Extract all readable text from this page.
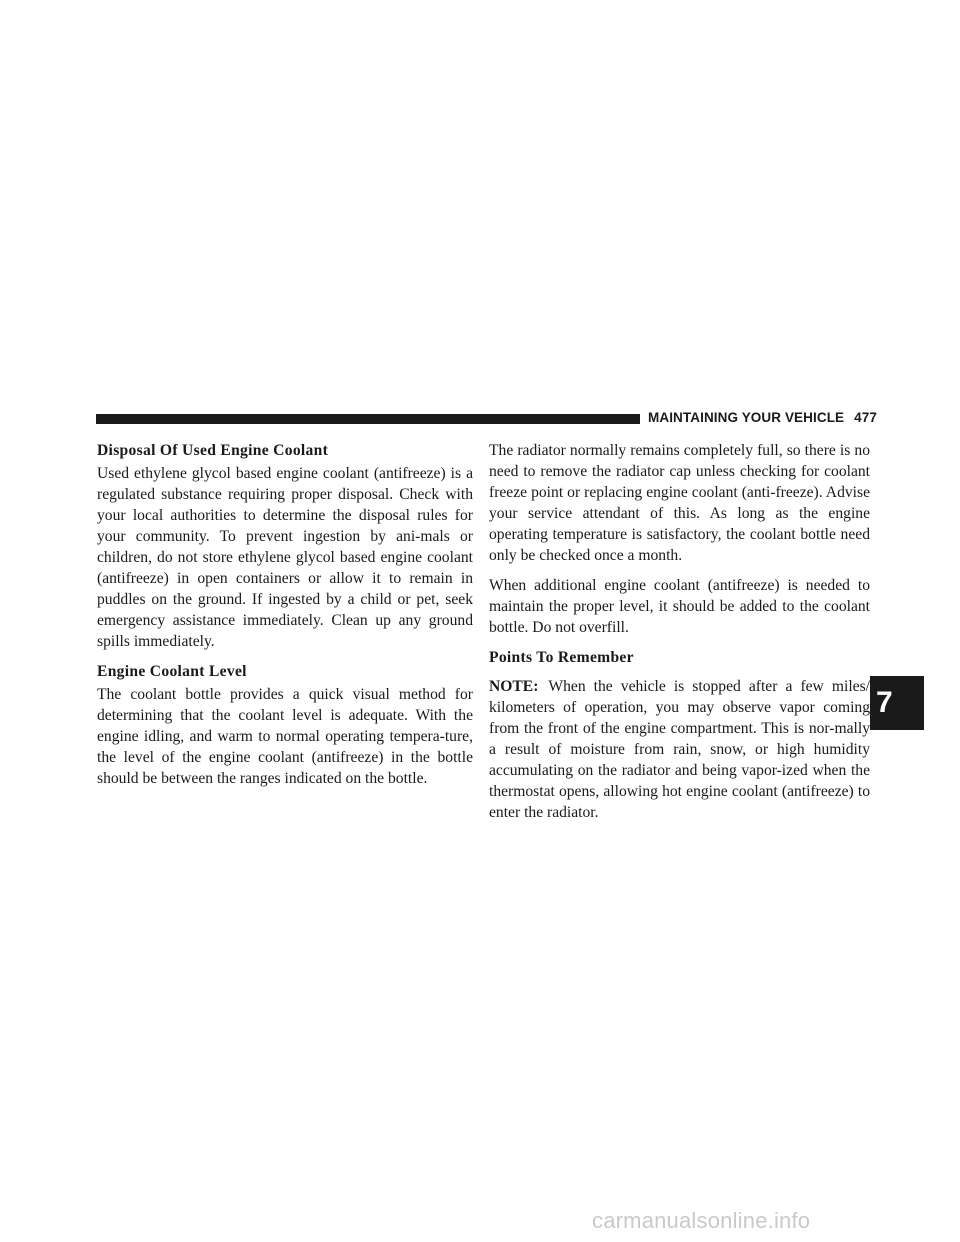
MAINTAINING YOUR VEHICLE 477

Disposal Of Used Engine Coolant

Used ethylene glycol based engine coolant (antifreeze) is a regulated substance requiring proper disposal. Check with your local authorities to determine the disposal rules for your community. To prevent ingestion by ani-mals or children, do not store ethylene glycol based engine coolant (antifreeze) in open containers or allow it to remain in puddles on the ground. If ingested by a child or pet, seek emergency assistance immediately. Clean up any ground spills immediately.

Engine Coolant Level

The coolant bottle provides a quick visual method for determining that the coolant level is adequate. With the engine idling, and warm to normal operating tempera-ture, the level of the engine coolant (antifreeze) in the bottle should be between the ranges indicated on the bottle.

The radiator normally remains completely full, so there is no need to remove the radiator cap unless checking for coolant freeze point or replacing engine coolant (anti-freeze). Advise your service attendant of this. As long as the engine operating temperature is satisfactory, the coolant bottle need only be checked once a month.

When additional engine coolant (antifreeze) is needed to maintain the proper level, it should be added to the coolant bottle. Do not overfill.

Points To Remember

NOTE: When the vehicle is stopped after a few miles/ kilometers of operation, you may observe vapor coming from the front of the engine compartment. This is nor-mally a result of moisture from rain, snow, or high humidity accumulating on the radiator and being vapor-ized when the thermostat opens, allowing hot engine coolant (antifreeze) to enter the radiator.

7
carmanualsonline.info
